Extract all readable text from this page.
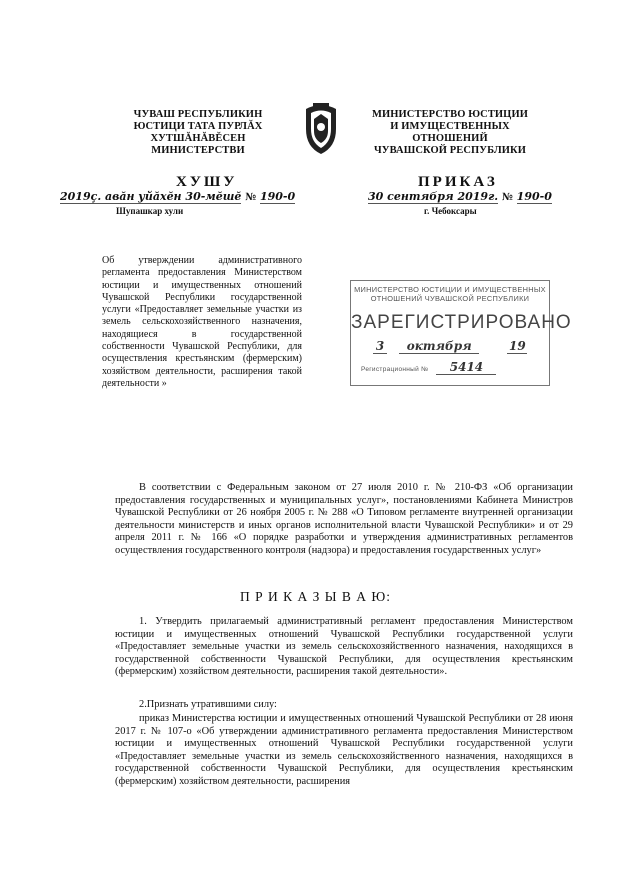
ЧУВАШ РЕСПУБЛИКИН
ЮСТИЦИ ТАТА ПУРЛĂХ
ХУТШĂНĂВĔСЕН
МИНИСТЕРСТВИ
МИНИСТЕРСТВО ЮСТИЦИИ
И ИМУЩЕСТВЕННЫХ
ОТНОШЕНИЙ
ЧУВАШСКОЙ РЕСПУБЛИКИ
ХУШУ
2019ç. авăн уйăхĕн 30-мĕшĕ № 190-0
Шупашкар хули
ПРИКАЗ
30 сентября 2019г. № 190-0
г. Чебоксары
Об утверждении административного регламента предоставления Министерством юстиции и имущественных отношений Чувашской Республики государственной услуги «Предоставляет земельные участки из земель сельскохозяйственного назначения, находящиеся в государственной собственности Чувашской Республики, для осуществления крестьянским (фермерским) хозяйством деятельности, расширения такой деятельности »
МИНИСТЕРСТВО ЮСТИЦИИ И ИМУЩЕСТВЕННЫХ
ОТНОШЕНИЙ ЧУВАШСКОЙ РЕСПУБЛИКИ
ЗАРЕГИСТРИРОВАНО
3 октября	19
Регистрационный № 5414
В соответствии с Федеральным законом от 27 июля 2010 г. № 210-ФЗ «Об организации предоставления государственных и муниципальных услуг», постановлениями Кабинета Министров Чувашской Республики от 26 ноября 2005 г. № 288 «О Типовом регламенте внутренней организации деятельности министерств и иных органов исполнительной власти Чувашской Республики» и от 29 апреля 2011 г. № 166 «О порядке разработки и утверждения административных регламентов осуществления государственного контроля (надзора) и предоставления государственных услуг»
П Р И К А З Ы В А Ю:
1. Утвердить прилагаемый административный регламент предоставления Министерством юстиции и имущественных отношений Чувашской Республики государственной услуги «Предоставляет земельные участки из земель сельскохозяйственного назначения, находящихся в государственной собственности Чувашской Республики, для осуществления крестьянским (фермерским) хозяйством деятельности, расширения такой деятельности».
2.Признать утратившими силу:
приказ Министерства юстиции и имущественных отношений Чувашской Республики от 28 июня 2017 г. № 107-о «Об утверждении административного регламента предоставления Министерством юстиции и имущественных отношений Чувашской Республики государственной услуги «Предоставляет земельные участки из земель сельскохозяйственного назначения, находящихся в государственной собственности Чувашской Республики, для осуществления крестьянским (фермерским) хозяйством деятельности, расширения
